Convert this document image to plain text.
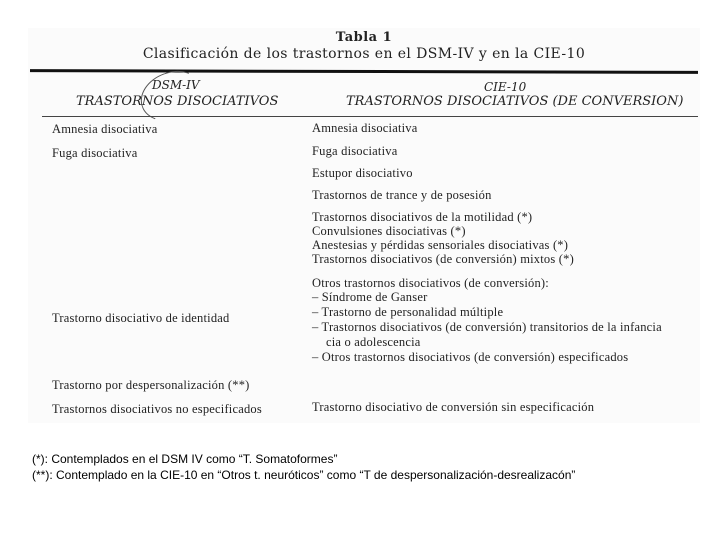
Tabla 1
Clasificación de los trastornos en el DSM-IV y en la CIE-10
DSM-IV
TRASTORNOS DISOCIATIVOS
CIE-10
TRASTORNOS DISOCIATIVOS (DE CONVERSION)
Amnesia disociativa
Fuga disociativa
Trastorno disociativo de identidad
Trastorno por despersonalización (**)
Trastornos disociativos no especificados
Amnesia disociativa
Fuga disociativa
Estupor disociativo
Trastornos de trance y de posesión
Trastornos disociativos de la motilidad (*)
Convulsiones disociativas (*)
Anestesias y pérdidas sensoriales disociativas (*)
Trastornos disociativos (de conversión) mixtos (*)
Otros trastornos disociativos (de conversión):
– Síndrome de Ganser
– Trastorno de personalidad múltiple
– Trastornos disociativos (de conversión) transitorios de la infancia
cia o adolescencia
– Otros trastornos disociativos (de conversión) especificados
Trastorno disociativo de conversión sin especificación
(*): Contemplados en el DSM IV como “T. Somatoformes”
(**): Contemplado en la CIE-10 en “Otros t. neuróticos” como “T de despersonalización-desrealizacón”
